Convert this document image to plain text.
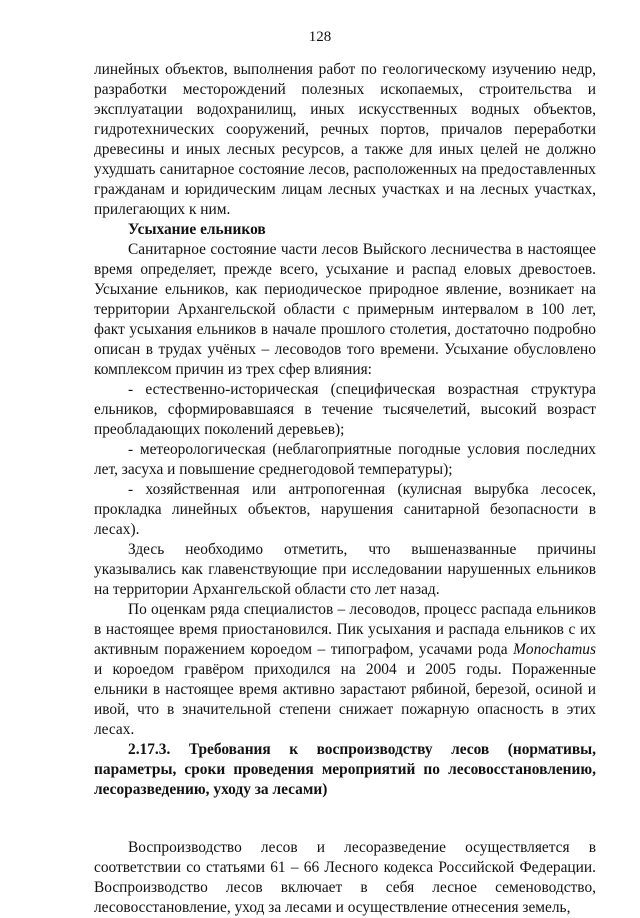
128

линейных объектов, выполнения работ по геологическому изучению недр, разработки месторождений полезных ископаемых, строительства и эксплуатации водохранилищ, иных искусственных водных объектов, гидротехнических сооружений, речных портов, причалов переработки древесины и иных лесных ресурсов, а также для иных целей не должно ухудшать санитарное состояние лесов, расположенных на предоставленных гражданам и юридическим лицам лесных участках и на лесных участках, прилегающих к ним.

Усыхание ельников

Санитарное состояние части лесов Выйского лесничества в настоящее время определяет, прежде всего, усыхание и распад еловых древостоев. Усыхание ельников, как периодическое природное явление, возникает на территории Архангельской области с примерным интервалом в 100 лет, факт усыхания ельников в начале прошлого столетия, достаточно подробно описан в трудах учёных – лесоводов того времени. Усыхание обусловлено комплексом причин из трех сфер влияния:

- естественно-историческая (специфическая возрастная структура ельников, сформировавшаяся в течение тысячелетий, высокий возраст преобладающих поколений деревьев);

- метеорологическая (неблагоприятные погодные условия последних лет, засуха и повышение среднегодовой температуры);

- хозяйственная или антропогенная (кулисная вырубка лесосек, прокладка линейных объектов, нарушения санитарной безопасности в лесах).

Здесь необходимо отметить, что вышеназванные причины указывались как главенствующие при исследовании нарушенных ельников на территории Архангельской области сто лет назад.

По оценкам ряда специалистов – лесоводов, процесс распада ельников в настоящее время приостановился. Пик усыхания и распада ельников с их активным поражением короедом – типографом, усачами рода Monochamus и короедом гравёром приходился на 2004 и 2005 годы. Пораженные ельники в настоящее время активно зарастают рябиной, березой, осиной и ивой, что в значительной степени снижает пожарную опасность в этих лесах.

2.17.3. Требования к воспроизводству лесов (нормативы, параметры, сроки проведения мероприятий по лесовосстановлению, лесоразведению, уходу за лесами)

Воспроизводство лесов и лесоразведение осуществляется в соответствии со статьями 61 – 66 Лесного кодекса Российской Федерации. Воспроизводство лесов включает в себя лесное семеноводство, лесовосстановление, уход за лесами и осуществление отнесения земель,
